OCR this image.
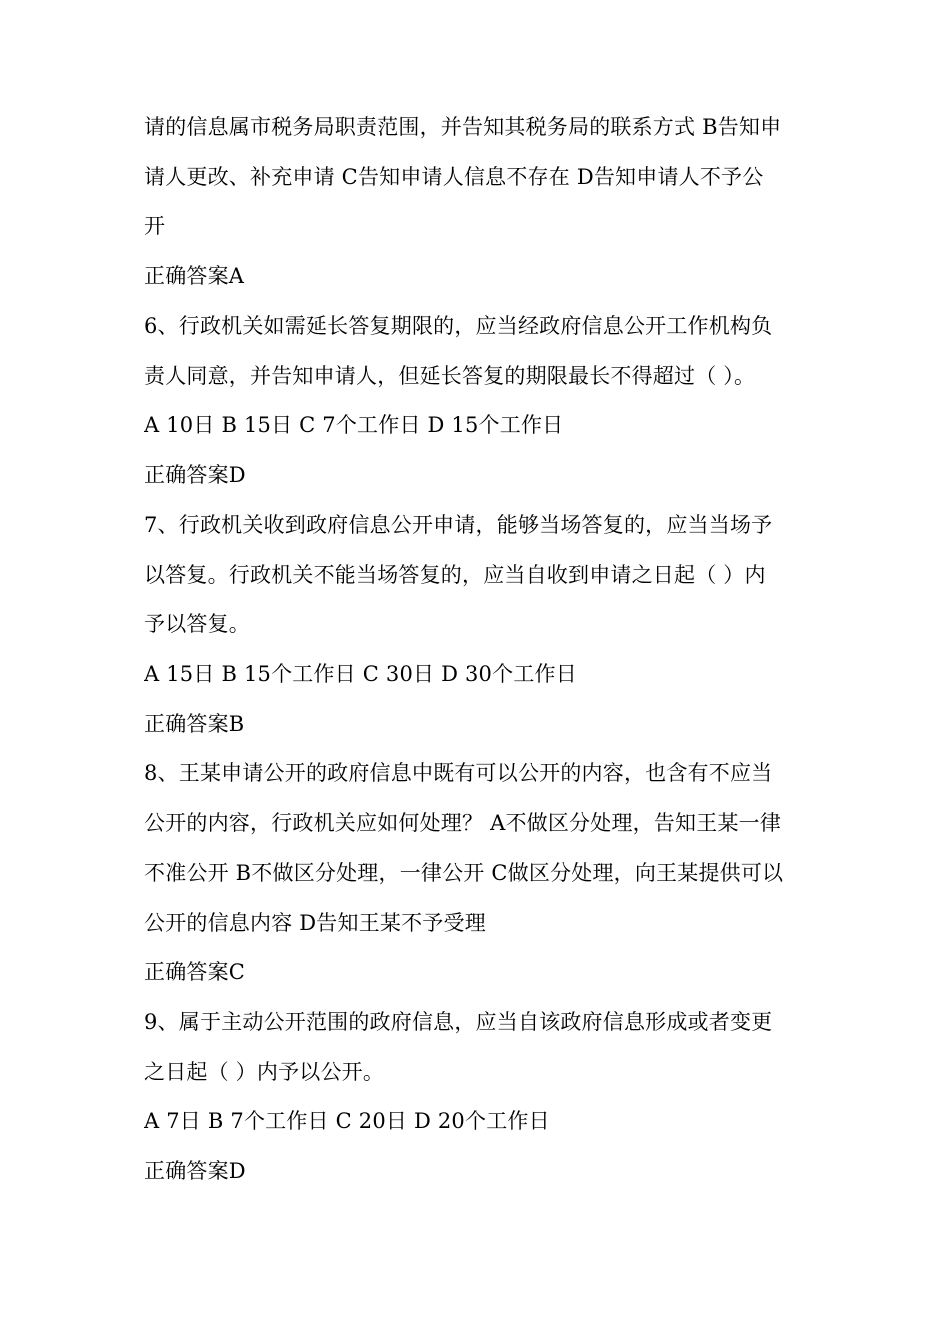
请的信息属市税务局职责范围，并告知其税务局的联系方式 B告知申
请人更改、补充申请 C告知申请人信息不存在 D告知申请人不予公
开
正确答案A
6、行政机关如需延长答复期限的，应当经政府信息公开工作机构负
责人同意，并告知申请人，但延长答复的期限最长不得超过（ ）。
A 10日 B 15日 C 7个工作日 D 15个工作日
正确答案D
7、行政机关收到政府信息公开申请，能够当场答复的，应当当场予
以答复。行政机关不能当场答复的，应当自收到申请之日起（ ）内
予以答复。
A 15日 B 15个工作日 C 30日 D 30个工作日
正确答案B
8、王某申请公开的政府信息中既有可以公开的内容，也含有不应当
公开的内容，行政机关应如何处理？ A不做区分处理，告知王某一律
不准公开 B不做区分处理，一律公开 C做区分处理，向王某提供可以
公开的信息内容 D告知王某不予受理
正确答案C
9、属于主动公开范围的政府信息，应当自该政府信息形成或者变更
之日起（ ）内予以公开。
A 7日 B 7个工作日 C 20日 D 20个工作日
正确答案D
